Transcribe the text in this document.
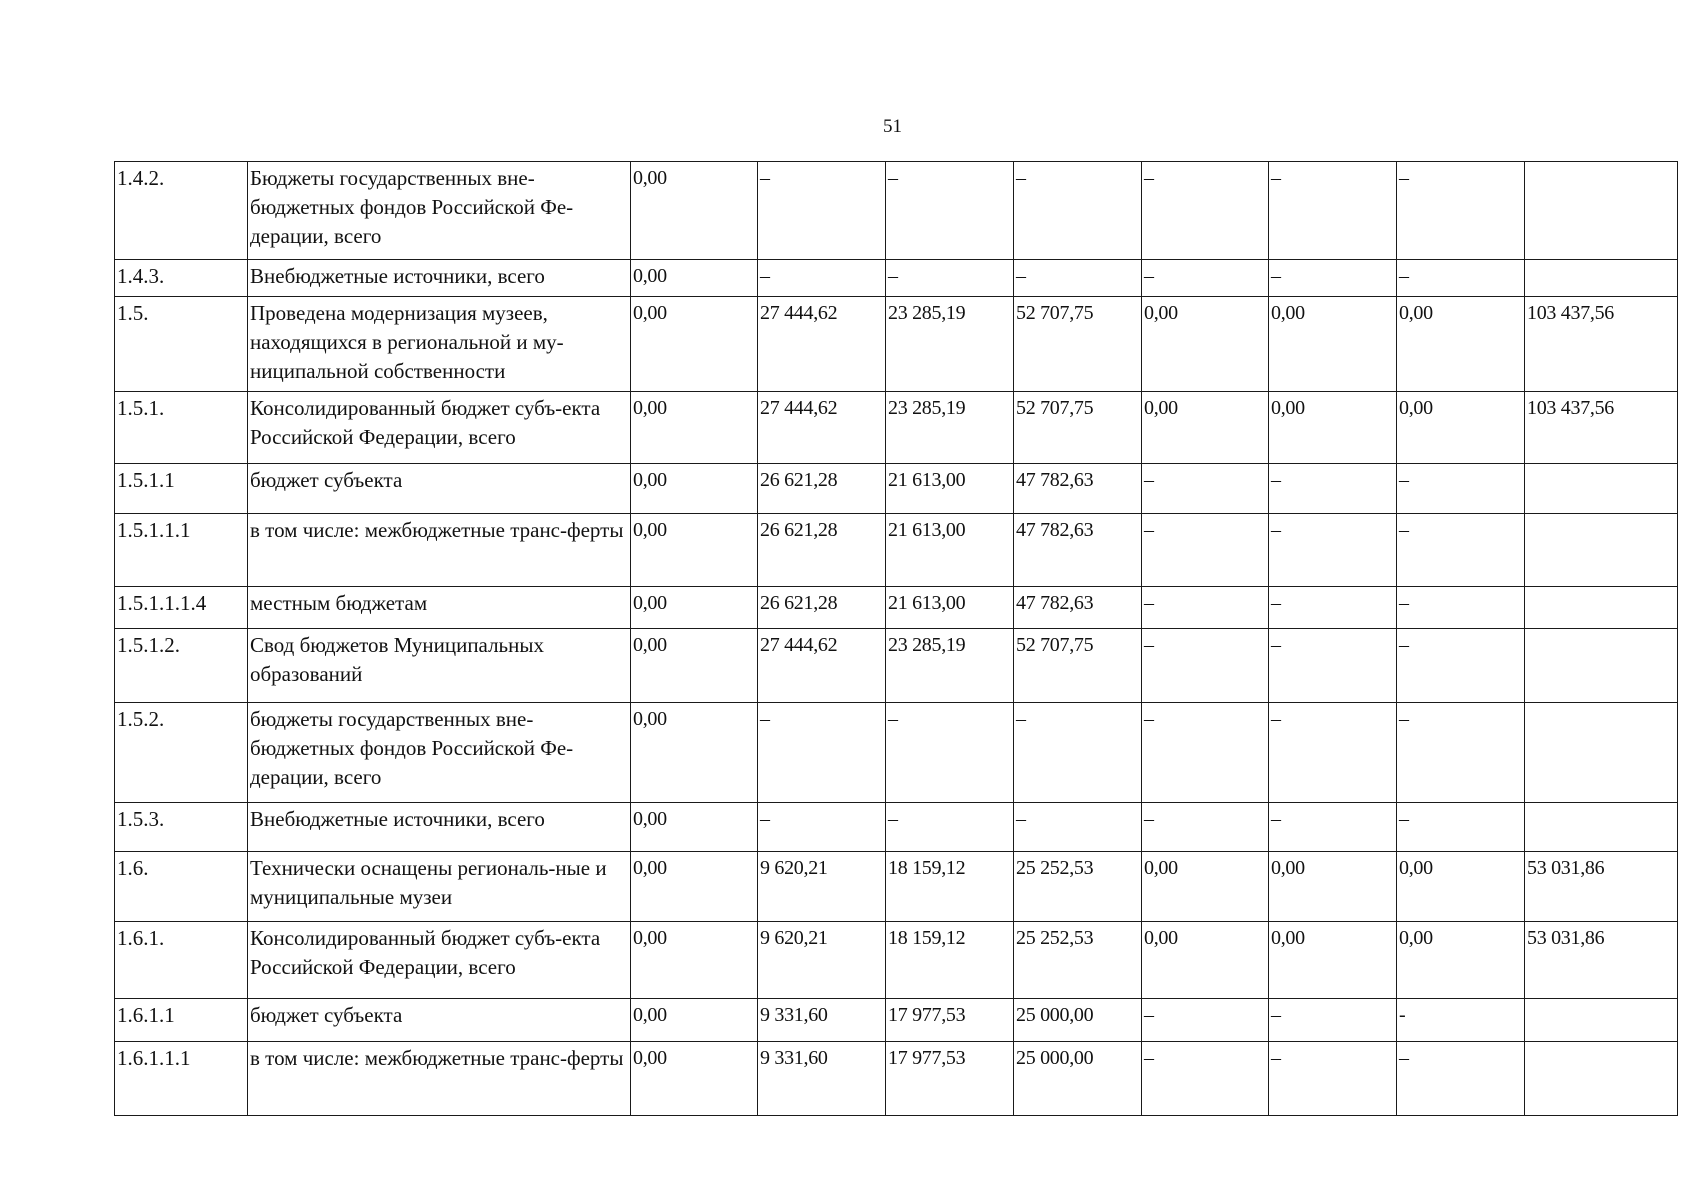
51
1.4.2.	Бюджеты государственных вне-бюджетных фондов Российской Фе-дерации, всего	0,00	–	–	–	–	–	–	
1.4.3.	Внебюджетные источники, всего	0,00	–	–	–	–	–	–	
1.5.	Проведена модернизация музеев, находящихся в региональной и му-ниципальной собственности	0,00	27 444,62	23 285,19	52 707,75	0,00	0,00	0,00	103 437,56
1.5.1.	Консолидированный бюджет субъ-екта Российской Федерации, всего	0,00	27 444,62	23 285,19	52 707,75	0,00	0,00	0,00	103 437,56
1.5.1.1	бюджет субъекта	0,00	26 621,28	21 613,00	47 782,63	–	–	–	
1.5.1.1.1	в том числе: межбюджетные транс-ферты	0,00	26 621,28	21 613,00	47 782,63	–	–	–	
1.5.1.1.1.4	местным бюджетам	0,00	26 621,28	21 613,00	47 782,63	–	–	–	
1.5.1.2.	Свод бюджетов Муниципальных образований	0,00	27 444,62	23 285,19	52 707,75	–	–	–	
1.5.2.	бюджеты государственных вне-бюджетных фондов Российской Фе-дерации, всего	0,00	–	–	–	–	–	–	
1.5.3.	Внебюджетные источники, всего	0,00	–	–	–	–	–	–	
1.6.	Технически оснащены региональ-ные и муниципальные музеи	0,00	9 620,21	18 159,12	25 252,53	0,00	0,00	0,00	53 031,86
1.6.1.	Консолидированный бюджет субъ-екта Российской Федерации, всего	0,00	9 620,21	18 159,12	25 252,53	0,00	0,00	0,00	53 031,86
1.6.1.1	бюджет субъекта	0,00	9 331,60	17 977,53	25 000,00	–	–	-	
1.6.1.1.1	в том числе: межбюджетные транс-ферты	0,00	9 331,60	17 977,53	25 000,00	–	–	–	
